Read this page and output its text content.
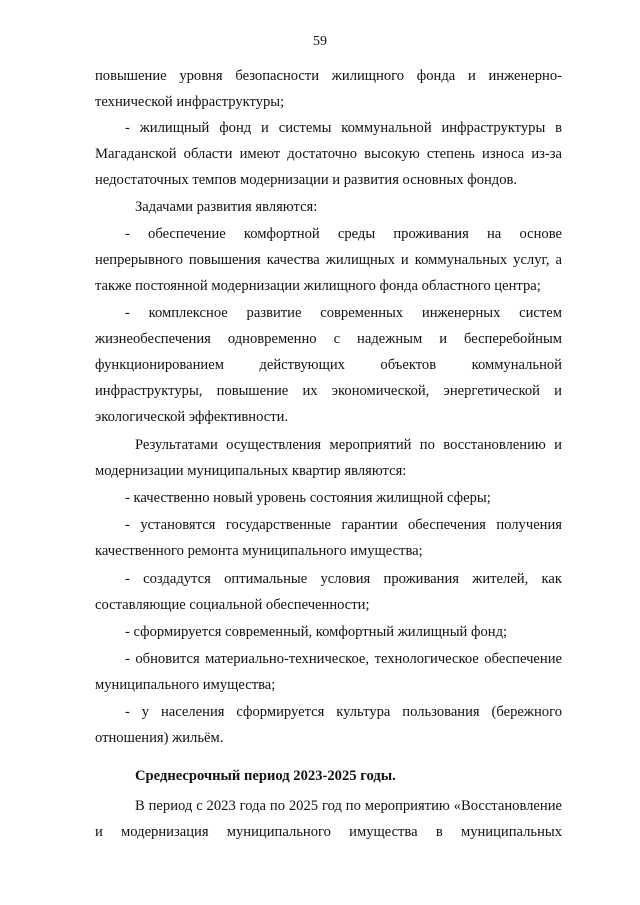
59
повышение уровня безопасности жилищного фонда и инженерно-
технической инфраструктуры;
- жилищный фонд и системы коммунальной инфраструктуры в
Магаданской области имеют достаточно высокую степень износа из-за
недостаточных темпов модернизации и развития основных фондов.
Задачами развития являются:
- обеспечение комфортной среды проживания на основе
непрерывного повышения качества жилищных и коммунальных услуг, а
также постоянной модернизации жилищного фонда областного центра;
- комплексное развитие современных инженерных систем
жизнеобеспечения одновременно с надежным и бесперебойным
функционированием действующих объектов коммунальной
инфраструктуры, повышение их экономической, энергетической и
экологической эффективности.
Результатами осуществления мероприятий по восстановлению и
модернизации муниципальных квартир являются:
- качественно новый уровень состояния жилищной сферы;
- установятся государственные гарантии обеспечения получения
качественного ремонта муниципального имущества;
- создадутся оптимальные условия проживания жителей, как
составляющие социальной обеспеченности;
- сформируется современный, комфортный жилищный фонд;
- обновится материально-техническое, технологическое обеспечение
муниципального имущества;
- у населения сформируется культура пользования (бережного
отношения) жильём.
Среднесрочный период 2023-2025 годы.
В период с 2023 года по 2025 год по мероприятию «Восстановление
и модернизация муниципального имущества в муниципальных
